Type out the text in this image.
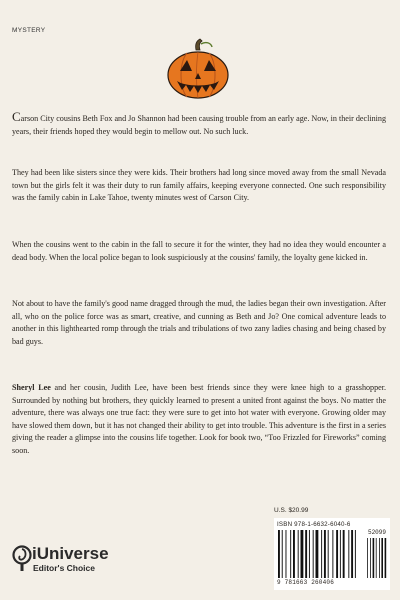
MYSTERY

Carson City cousins Beth Fox and Jo Shannon had been causing trouble from an early age. Now, in their declining years, their friends hoped they would begin to mellow out. No such luck.

They had been like sisters since they were kids. Their brothers had long since moved away from the small Nevada town but the girls felt it was their duty to run family affairs, keeping everyone connected. One such responsibility was the family cabin in Lake Tahoe, twenty minutes west of Carson City.

When the cousins went to the cabin in the fall to secure it for the winter, they had no idea they would encounter a dead body. When the local police began to look suspiciously at the cousins' family, the loyalty gene kicked in.

Not about to have the family's good name dragged through the mud, the ladies began their own investigation. After all, who on the police force was as smart, creative, and cunning as Beth and Jo? One comical adventure leads to another in this lighthearted romp through the trials and tribulations of two zany ladies chasing and being chased by bad guys.

Sheryl Lee and her cousin, Judith Lee, have been best friends since they were knee high to a grasshopper. Surrounded by nothing but brothers, they quickly learned to present a united front against the boys. No matter the adventure, there was always one true fact: they were sure to get into hot water with everyone. Growing older may have slowed them down, but it has not changed their ability to get into trouble. This adventure is the first in a series giving the reader a glimpse into the cousins life together. Look for book two, “Too Frizzled for Fireworks” coming soon.

U.S. $20.99
ISBN 978-1-6632-6040-6
52099
9 781663 260406
iUniverse
Editor's Choice
